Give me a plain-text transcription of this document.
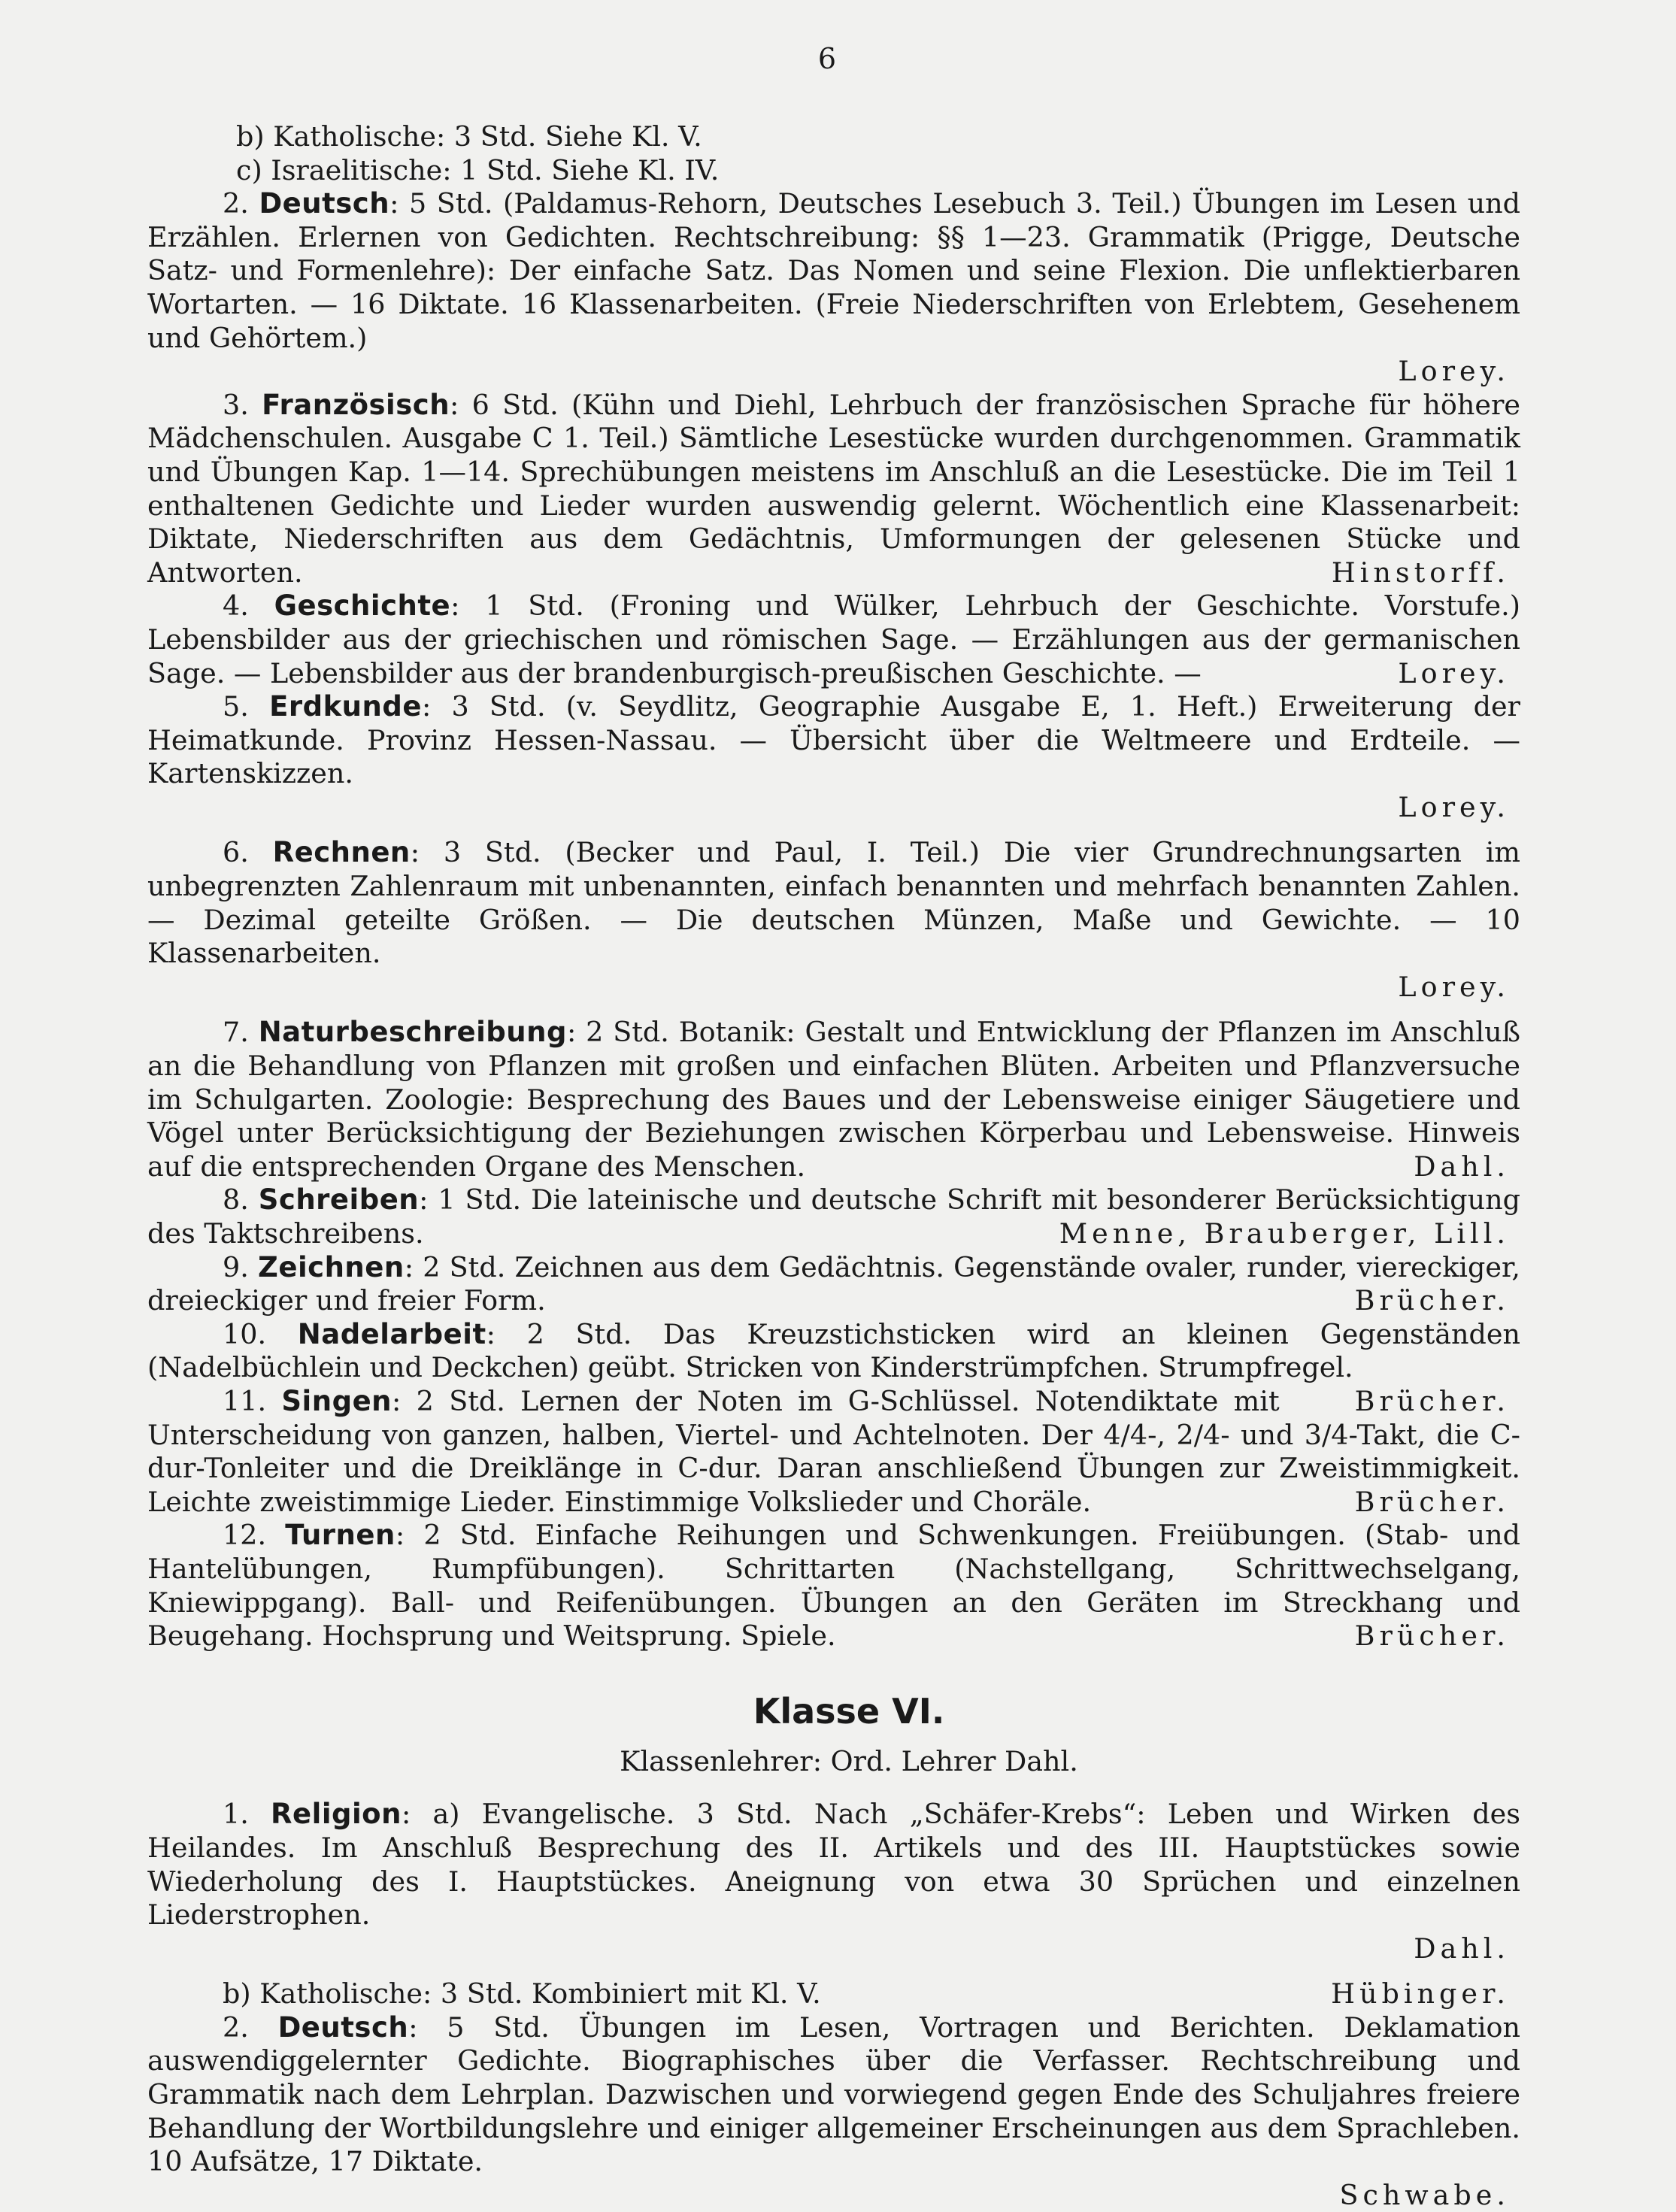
6

b) Katholische: 3 Std. Siehe Kl. V.

c) Israelitische: 1 Std. Siehe Kl. IV.

2. Deutsch: 5 Std. (Paldamus-Rehorn, Deutsches Lesebuch 3. Teil.) Übungen im Lesen und Erzählen. Erlernen von Gedichten. Rechtschreibung: §§ 1—23. Grammatik (Prigge, Deutsche Satz- und Formenlehre): Der einfache Satz. Das Nomen und seine Flexion. Die unflektierbaren Wortarten. — 16 Diktate. 16 Klassenarbeiten. (Freie Niederschriften von Erlebtem, Gesehenem und Gehörtem.)

Lorey.

3. Französisch: 6 Std. (Kühn und Diehl, Lehrbuch der französischen Sprache für höhere Mädchenschulen. Ausgabe C 1. Teil.) Sämtliche Lesestücke wurden durchgenommen. Grammatik und Übungen Kap. 1—14. Sprechübungen meistens im Anschluß an die Lesestücke. Die im Teil 1 enthaltenen Gedichte und Lieder wurden auswendig gelernt. Wöchentlich eine Klassenarbeit: Diktate, Niederschriften aus dem Gedächtnis, Umformungen der gelesenen Stücke und Antworten.	Hinstorff.

4. Geschichte: 1 Std. (Froning und Wülker, Lehrbuch der Geschichte. Vorstufe.) Lebensbilder aus der griechischen und römischen Sage. — Erzählungen aus der germanischen Sage. — Lebensbilder aus der brandenburgisch-preußischen Geschichte. —	Lorey.

5. Erdkunde: 3 Std. (v. Seydlitz, Geographie Ausgabe E, 1. Heft.) Erweiterung der Heimatkunde. Provinz Hessen-Nassau. — Übersicht über die Weltmeere und Erdteile. — Kartenskizzen.

Lorey.

6. Rechnen: 3 Std. (Becker und Paul, I. Teil.) Die vier Grundrechnungsarten im unbegrenzten Zahlenraum mit unbenannten, einfach benannten und mehrfach benannten Zahlen. — Dezimal geteilte Größen. — Die deutschen Münzen, Maße und Gewichte. — 10 Klassenarbeiten.

Lorey.

7. Naturbeschreibung: 2 Std. Botanik: Gestalt und Entwicklung der Pflanzen im Anschluß an die Behandlung von Pflanzen mit großen und einfachen Blüten. Arbeiten und Pflanzversuche im Schulgarten. Zoologie: Besprechung des Baues und der Lebensweise einiger Säugetiere und Vögel unter Berücksichtigung der Beziehungen zwischen Körperbau und Lebensweise. Hinweis auf die entsprechenden Organe des Menschen.	Dahl.

8. Schreiben: 1 Std. Die lateinische und deutsche Schrift mit besonderer Berücksichtigung des Taktschreibens.	Menne, Brauberger, Lill.

9. Zeichnen: 2 Std. Zeichnen aus dem Gedächtnis. Gegenstände ovaler, runder, viereckiger, dreieckiger und freier Form.	Brücher.

10. Nadelarbeit: 2 Std. Das Kreuzstichsticken wird an kleinen Gegenständen (Nadelbüchlein und Deckchen) geübt. Stricken von Kinderstrümpfchen. Strumpfregel.
Brücher.

11. Singen: 2 Std. Lernen der Noten im G-Schlüssel. Notendiktate mit Unterscheidung von ganzen, halben, Viertel- und Achtelnoten. Der 4/4-, 2/4- und 3/4-Takt, die C-dur-Tonleiter und die Dreiklänge in C-dur. Daran anschließend Übungen zur Zweistimmigkeit. Leichte zweistimmige Lieder. Einstimmige Volkslieder und Choräle.	Brücher.

12. Turnen: 2 Std. Einfache Reihungen und Schwenkungen. Freiübungen. (Stab- und Hantelübungen, Rumpfübungen). Schrittarten (Nachstellgang, Schrittwechselgang, Kniewippgang). Ball- und Reifenübungen. Übungen an den Geräten im Streckhang und Beugehang. Hochsprung und Weitsprung. Spiele.	Brücher.

Klasse VI.

Klassenlehrer: Ord. Lehrer Dahl.

1. Religion: a) Evangelische. 3 Std. Nach „Schäfer-Krebs“: Leben und Wirken des Heilandes. Im Anschluß Besprechung des II. Artikels und des III. Hauptstückes sowie Wiederholung des I. Hauptstückes. Aneignung von etwa 30 Sprüchen und einzelnen Liederstrophen.

Dahl.

b) Katholische: 3 Std. Kombiniert mit Kl. V.	Hübinger.

2. Deutsch: 5 Std. Übungen im Lesen, Vortragen und Berichten. Deklamation auswendiggelernter Gedichte. Biographisches über die Verfasser. Rechtschreibung und Grammatik nach dem Lehrplan. Dazwischen und vorwiegend gegen Ende des Schuljahres freiere Behandlung der Wortbildungslehre und einiger allgemeiner Erscheinungen aus dem Sprachleben. 10 Aufsätze, 17 Diktate.

Schwabe.
